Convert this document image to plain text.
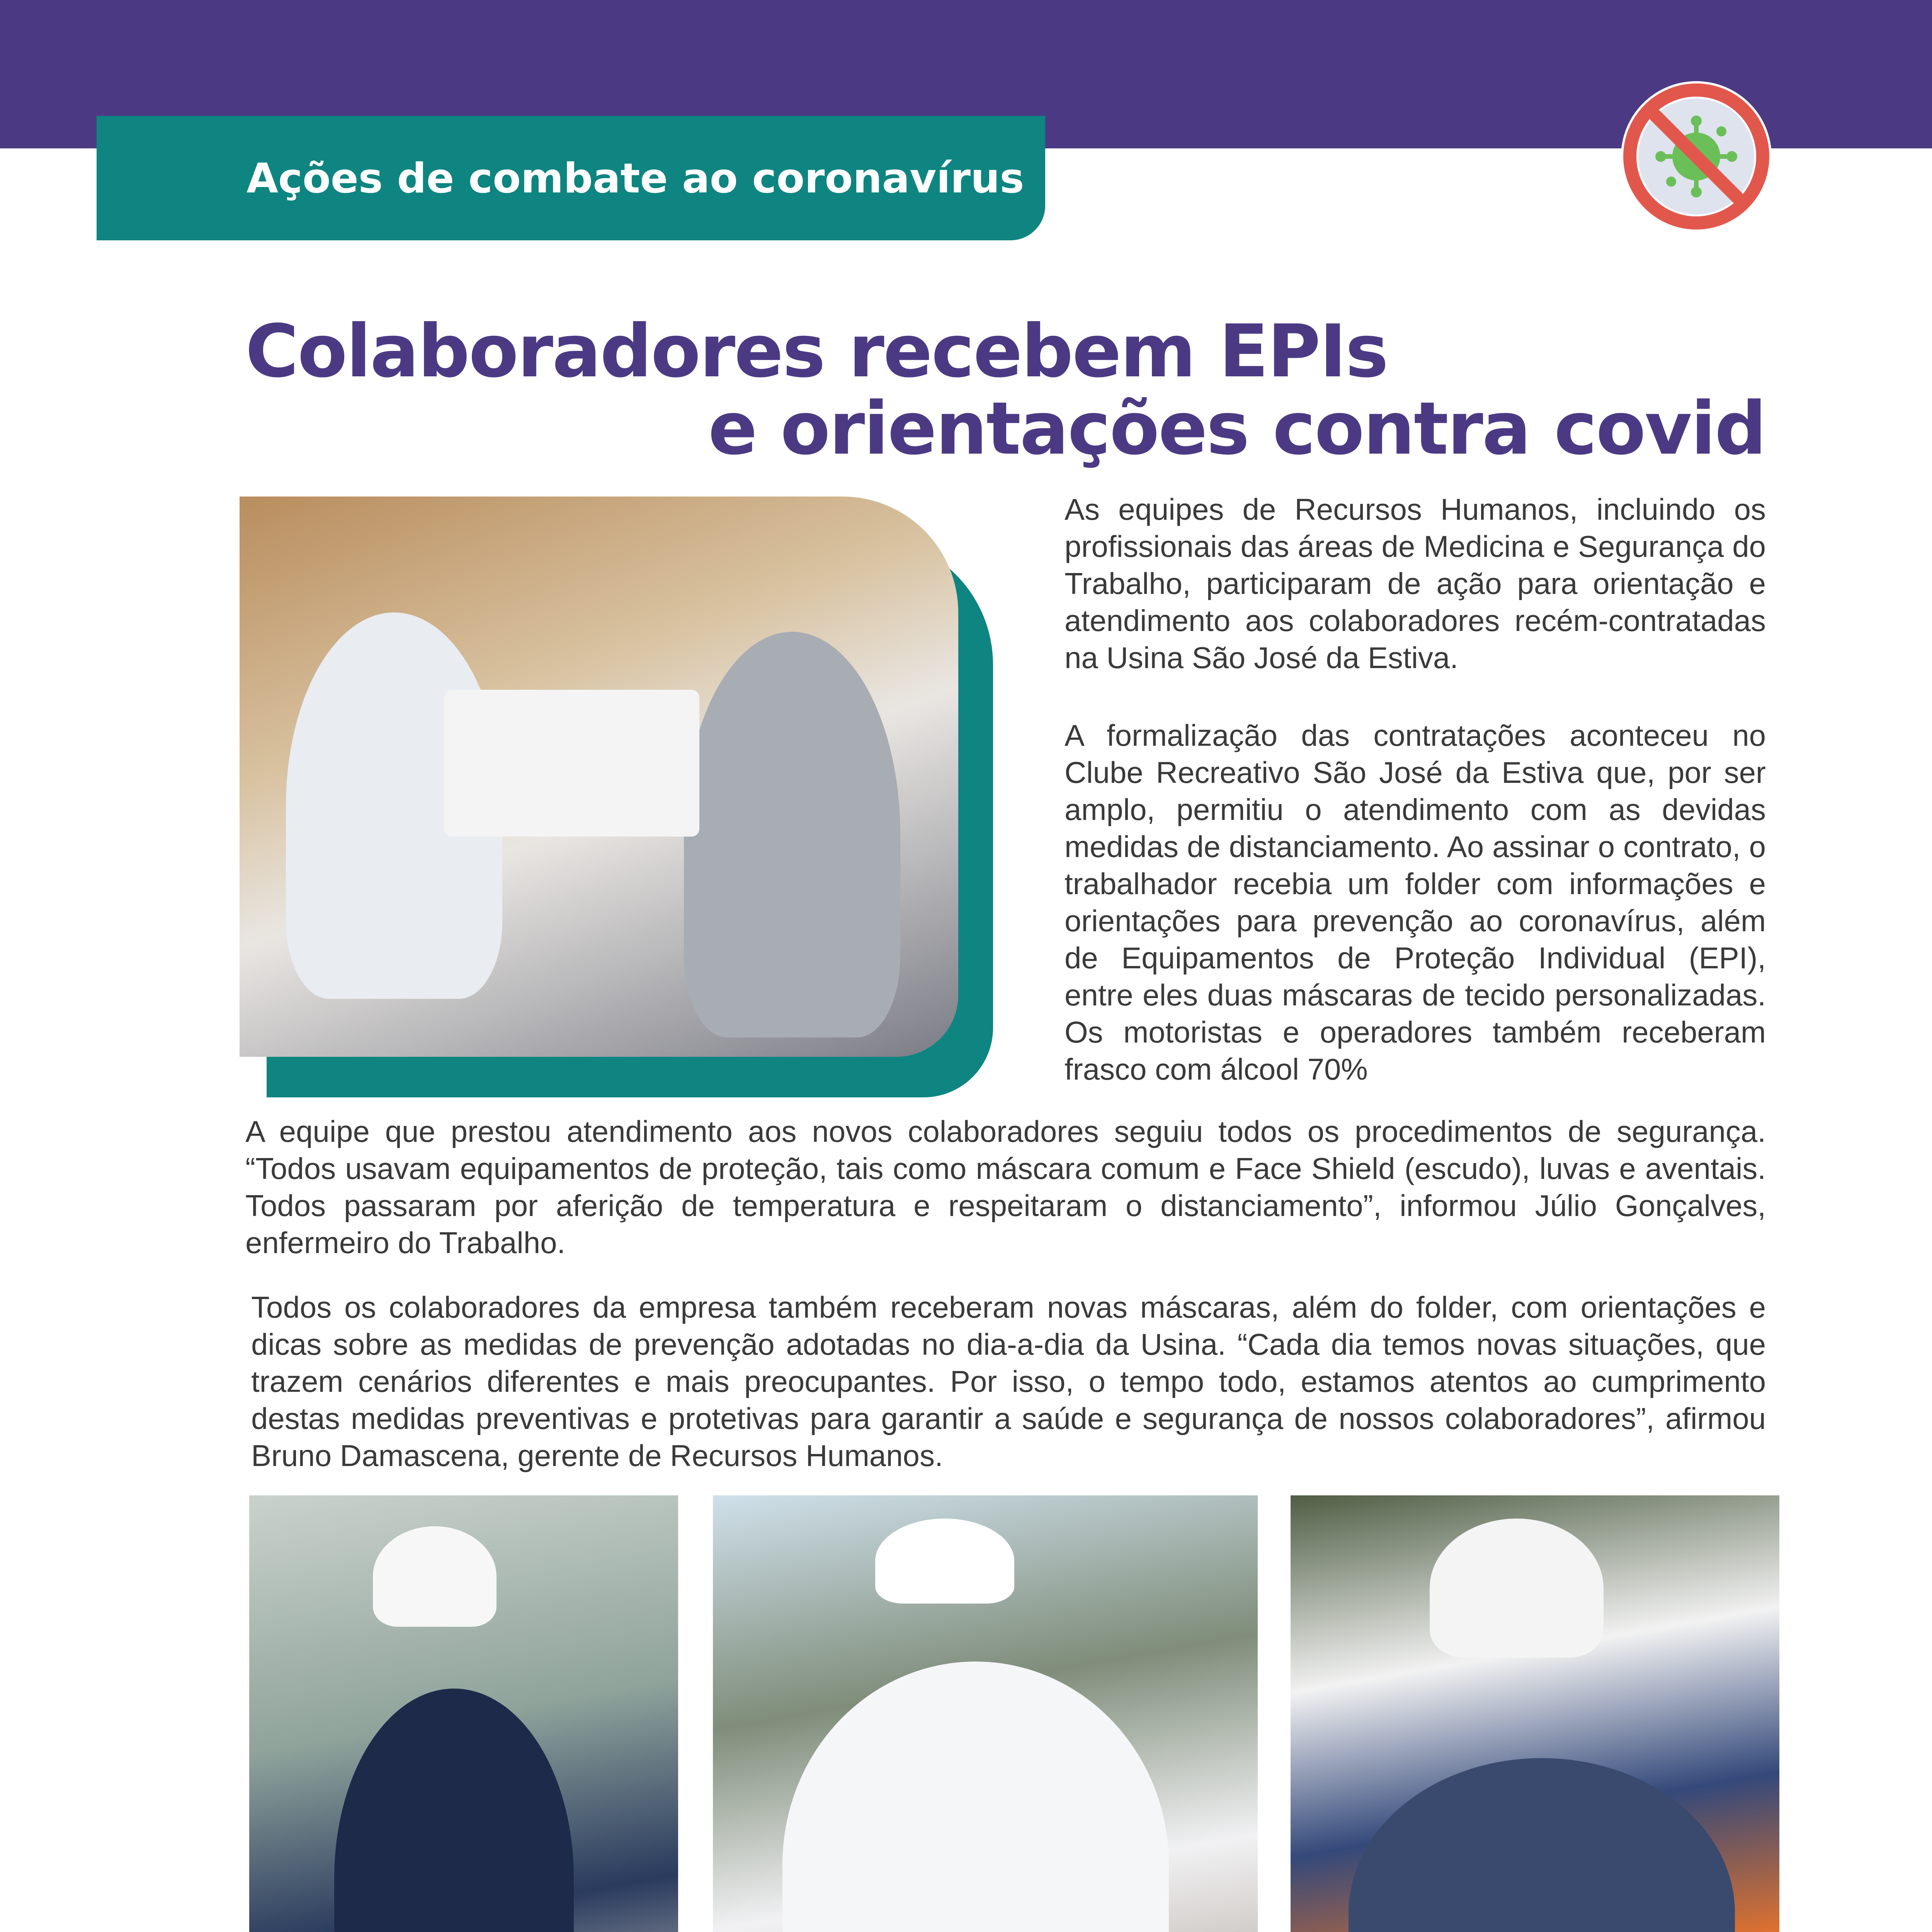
Ações de combate ao coronavírus
Colaboradores recebem EPIs
e orientações contra covid

As equipes de Recursos Humanos, incluindo os profissionais das áreas de Medicina e Segurança do Trabalho, participaram de ação para orientação e atendimento aos colaboradores recém-contratadas na Usina São José da Estiva.

A formalização das contratações aconteceu no Clube Recreativo São José da Estiva que, por ser amplo, permitiu o atendimento com as devidas medidas de distanciamento. Ao assinar o contrato, o trabalhador recebia um folder com informações e orientações para prevenção ao coronavírus, além de Equipamentos de Proteção Individual (EPI), entre eles duas máscaras de tecido personalizadas. Os motoristas e operadores também receberam frasco com álcool 70%

A equipe que prestou atendimento aos novos colaboradores seguiu todos os procedimentos de segurança. “Todos usavam equipamentos de proteção, tais como máscara comum e Face Shield (escudo), luvas e aventais. Todos passaram por aferição de temperatura e respeitaram o distanciamento”, informou Júlio Gonçalves, enfermeiro do Trabalho.

Todos os colaboradores da empresa também receberam novas máscaras, além do folder, com orientações e dicas sobre as medidas de prevenção adotadas no dia-a-dia da Usina. “Cada dia temos novas situações, que trazem cenários diferentes e mais preocupantes. Por isso, o tempo todo, estamos atentos ao cumprimento destas medidas preventivas e protetivas para garantir a saúde e segurança de nossos colaboradores”, afirmou Bruno Damascena, gerente de Recursos Humanos.
